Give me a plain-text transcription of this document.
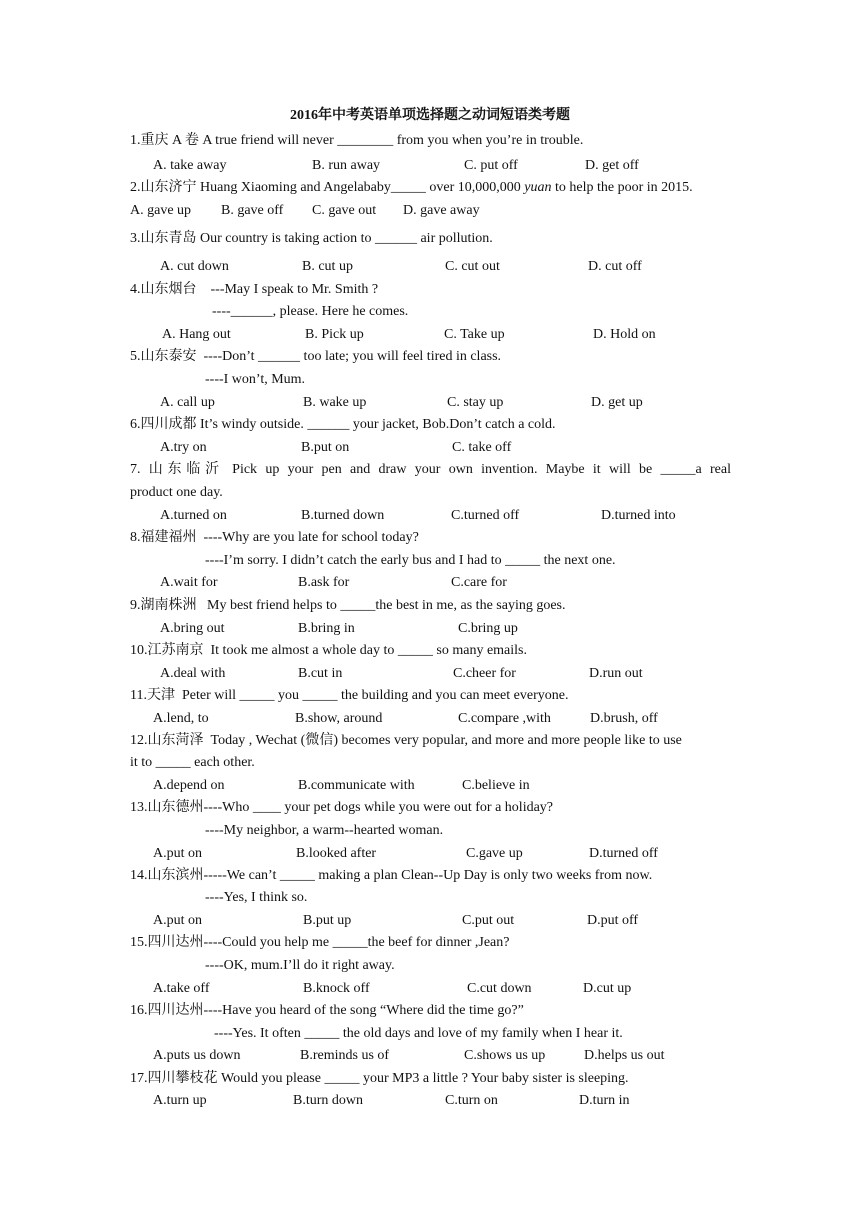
2016年中考英语单项选择题之动词短语类考题
1.重庆 A 卷 A true friend will never ________ from you when you’re in trouble.
A. take away	B. run away	C. put off	D. get off
2.山东济宁 Huang Xiaoming and Angelababy_____ over 10,000,000 yuan to help the poor in 2015.
A. gave up B. gave off C. gave out D. gave away
3.山东青岛 Our country is taking action to ______ air pollution.
A. cut down	B. cut up	C. cut out	D. cut off
4.山东烟台    ---May I speak to Mr. Smith ?
----______, please. Here he comes.
A. Hang out	B. Pick up	C. Take up	D. Hold on
5.山东泰安  ----Don’t ______ too late; you will feel tired in class.
----I won’t, Mum.
A. call up	B. wake up	C. stay up	D. get up
6.四川成都 It’s windy outside. ______ your jacket, Bob.Don’t catch a cold.
A.try on	B.put on	C. take off
7. 山东临沂 Pick up your pen and draw your own invention. Maybe it will be _____a real
product one day.
A.turned on	B.turned down	C.turned off	D.turned into
8.福建福州  ----Why are you late for school today?
----I’m sorry. I didn’t catch the early bus and I had to _____ the next one.
A.wait for	B.ask for	C.care for
9.湖南株洲   My best friend helps to _____the best in me, as the saying goes.
A.bring out	B.bring in	C.bring up
10.江苏南京  It took me almost a whole day to _____ so many emails.
A.deal with	B.cut in	C.cheer for	D.run out
11.天津  Peter will _____ you _____ the building and you can meet everyone.
A.lend, to	B.show, around	C.compare ,with	D.brush, off
12.山东菏泽  Today , Wechat (微信) becomes very popular, and more and more people like to use
it to _____ each other.
A.depend on	B.communicate with	C.believe in
13.山东德州----Who ____ your pet dogs while you were out for a holiday?
----My neighbor, a warm--hearted woman.
A.put on	B.looked after	C.gave up	D.turned off
14.山东滨州-----We can’t _____ making a plan Clean--Up Day is only two weeks from now.
----Yes, I think so.
A.put on	B.put up	C.put out	D.put off
15.四川达州----Could you help me _____the beef for dinner ,Jean?
----OK, mum.I’ll do it right away.
A.take off	B.knock off	C.cut down	D.cut up
16.四川达州----Have you heard of the song “Where did the time go?”
----Yes. It often _____ the old days and love of my family when I hear it.
A.puts us down	B.reminds us of	C.shows us up	D.helps us out
17.四川攀枝花 Would you please _____ your MP3 a little ? Your baby sister is sleeping.
A.turn up	B.turn down	C.turn on	D.turn in
